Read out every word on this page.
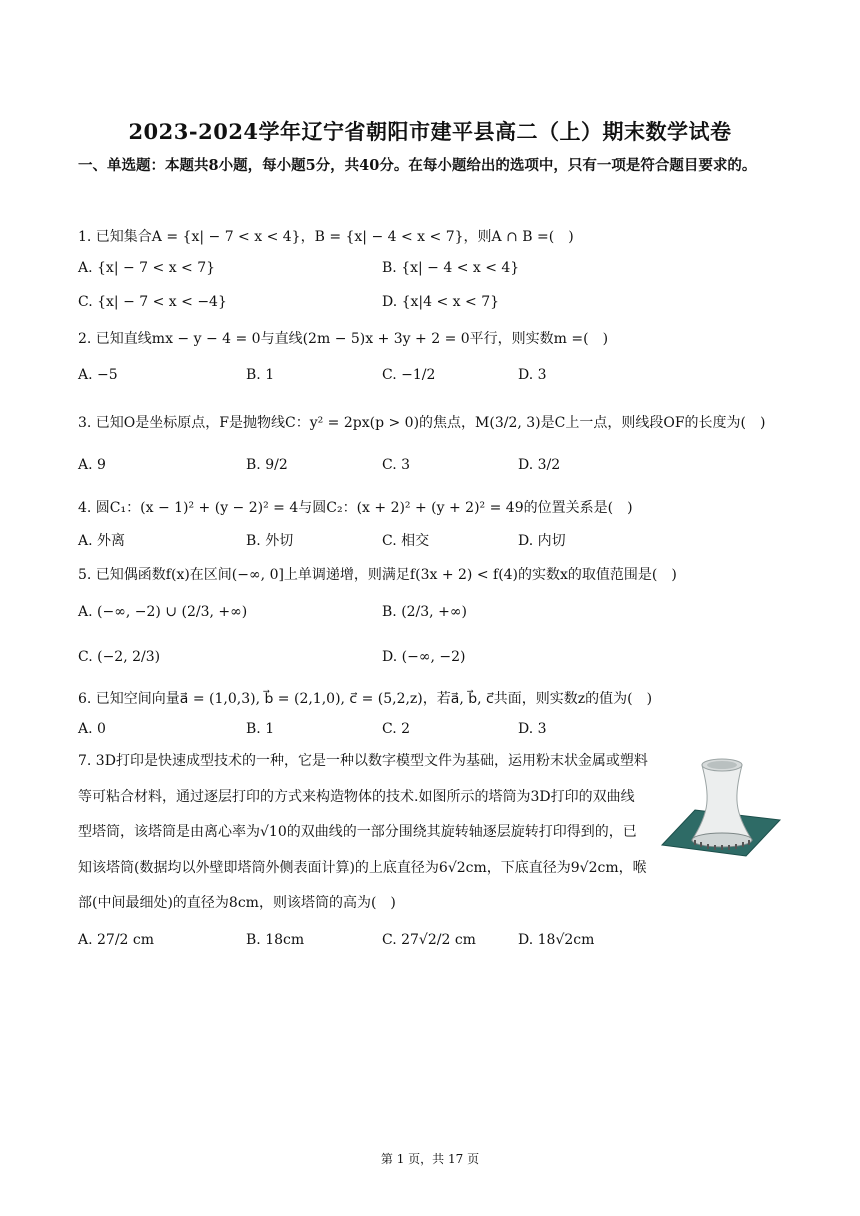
2023-2024学年辽宁省朝阳市建平县高二（上）期末数学试卷
一、单选题：本题共8小题，每小题5分，共40分。在每小题给出的选项中，只有一项是符合题目要求的。
1. 已知集合A = {x| − 7 < x < 4}，B = {x| − 4 < x < 7}，则A ∩ B =(　)
A. {x| − 7 < x < 7}	B. {x| − 4 < x < 4}
C. {x| − 7 < x < −4}	D. {x|4 < x < 7}
2. 已知直线mx − y − 4 = 0与直线(2m − 5)x + 3y + 2 = 0平行，则实数m =(　)
A. −5	B. 1	C. −1/2	D. 3
3. 已知O是坐标原点，F是抛物线C：y² = 2px(p > 0)的焦点，M(3/2, 3)是C上一点，则线段OF的长度为(　)
A. 9	B. 9/2	C. 3	D. 3/2
4. 圆C₁：(x − 1)² + (y − 2)² = 4与圆C₂：(x + 2)² + (y + 2)² = 49的位置关系是(　)
A. 外离	B. 外切	C. 相交	D. 内切
5. 已知偶函数f(x)在区间(−∞, 0]上单调递增，则满足f(3x + 2) < f(4)的实数x的取值范围是(　)
A. (−∞, −2) ∪ (2/3, +∞)	B. (2/3, +∞)
C. (−2, 2/3)	D. (−∞, −2)
6. 已知空间向量a⃗ = (1,0,3), b⃗ = (2,1,0), c⃗ = (5,2,z)，若a⃗, b⃗, c⃗共面，则实数z的值为(　)
A. 0	B. 1	C. 2	D. 3
7. 3D打印是快速成型技术的一种，它是一种以数字模型文件为基础，运用粉末状金属或塑料等可粘合材料，通过逐层打印的方式来构造物体的技术.如图所示的塔筒为3D打印的双曲线型塔筒，该塔筒是由离心率为√10的双曲线的一部分围绕其旋转轴逐层旋转打印得到的，已知该塔筒(数据均以外壁即塔筒外侧表面计算)的上底直径为6√2cm，下底直径为9√2cm，喉部(中间最细处)的直径为8cm，则该塔筒的高为(　)
A. 27/2 cm	B. 18cm	C. 27√2/2 cm	D. 18√2cm
第 1 页，共 17 页
